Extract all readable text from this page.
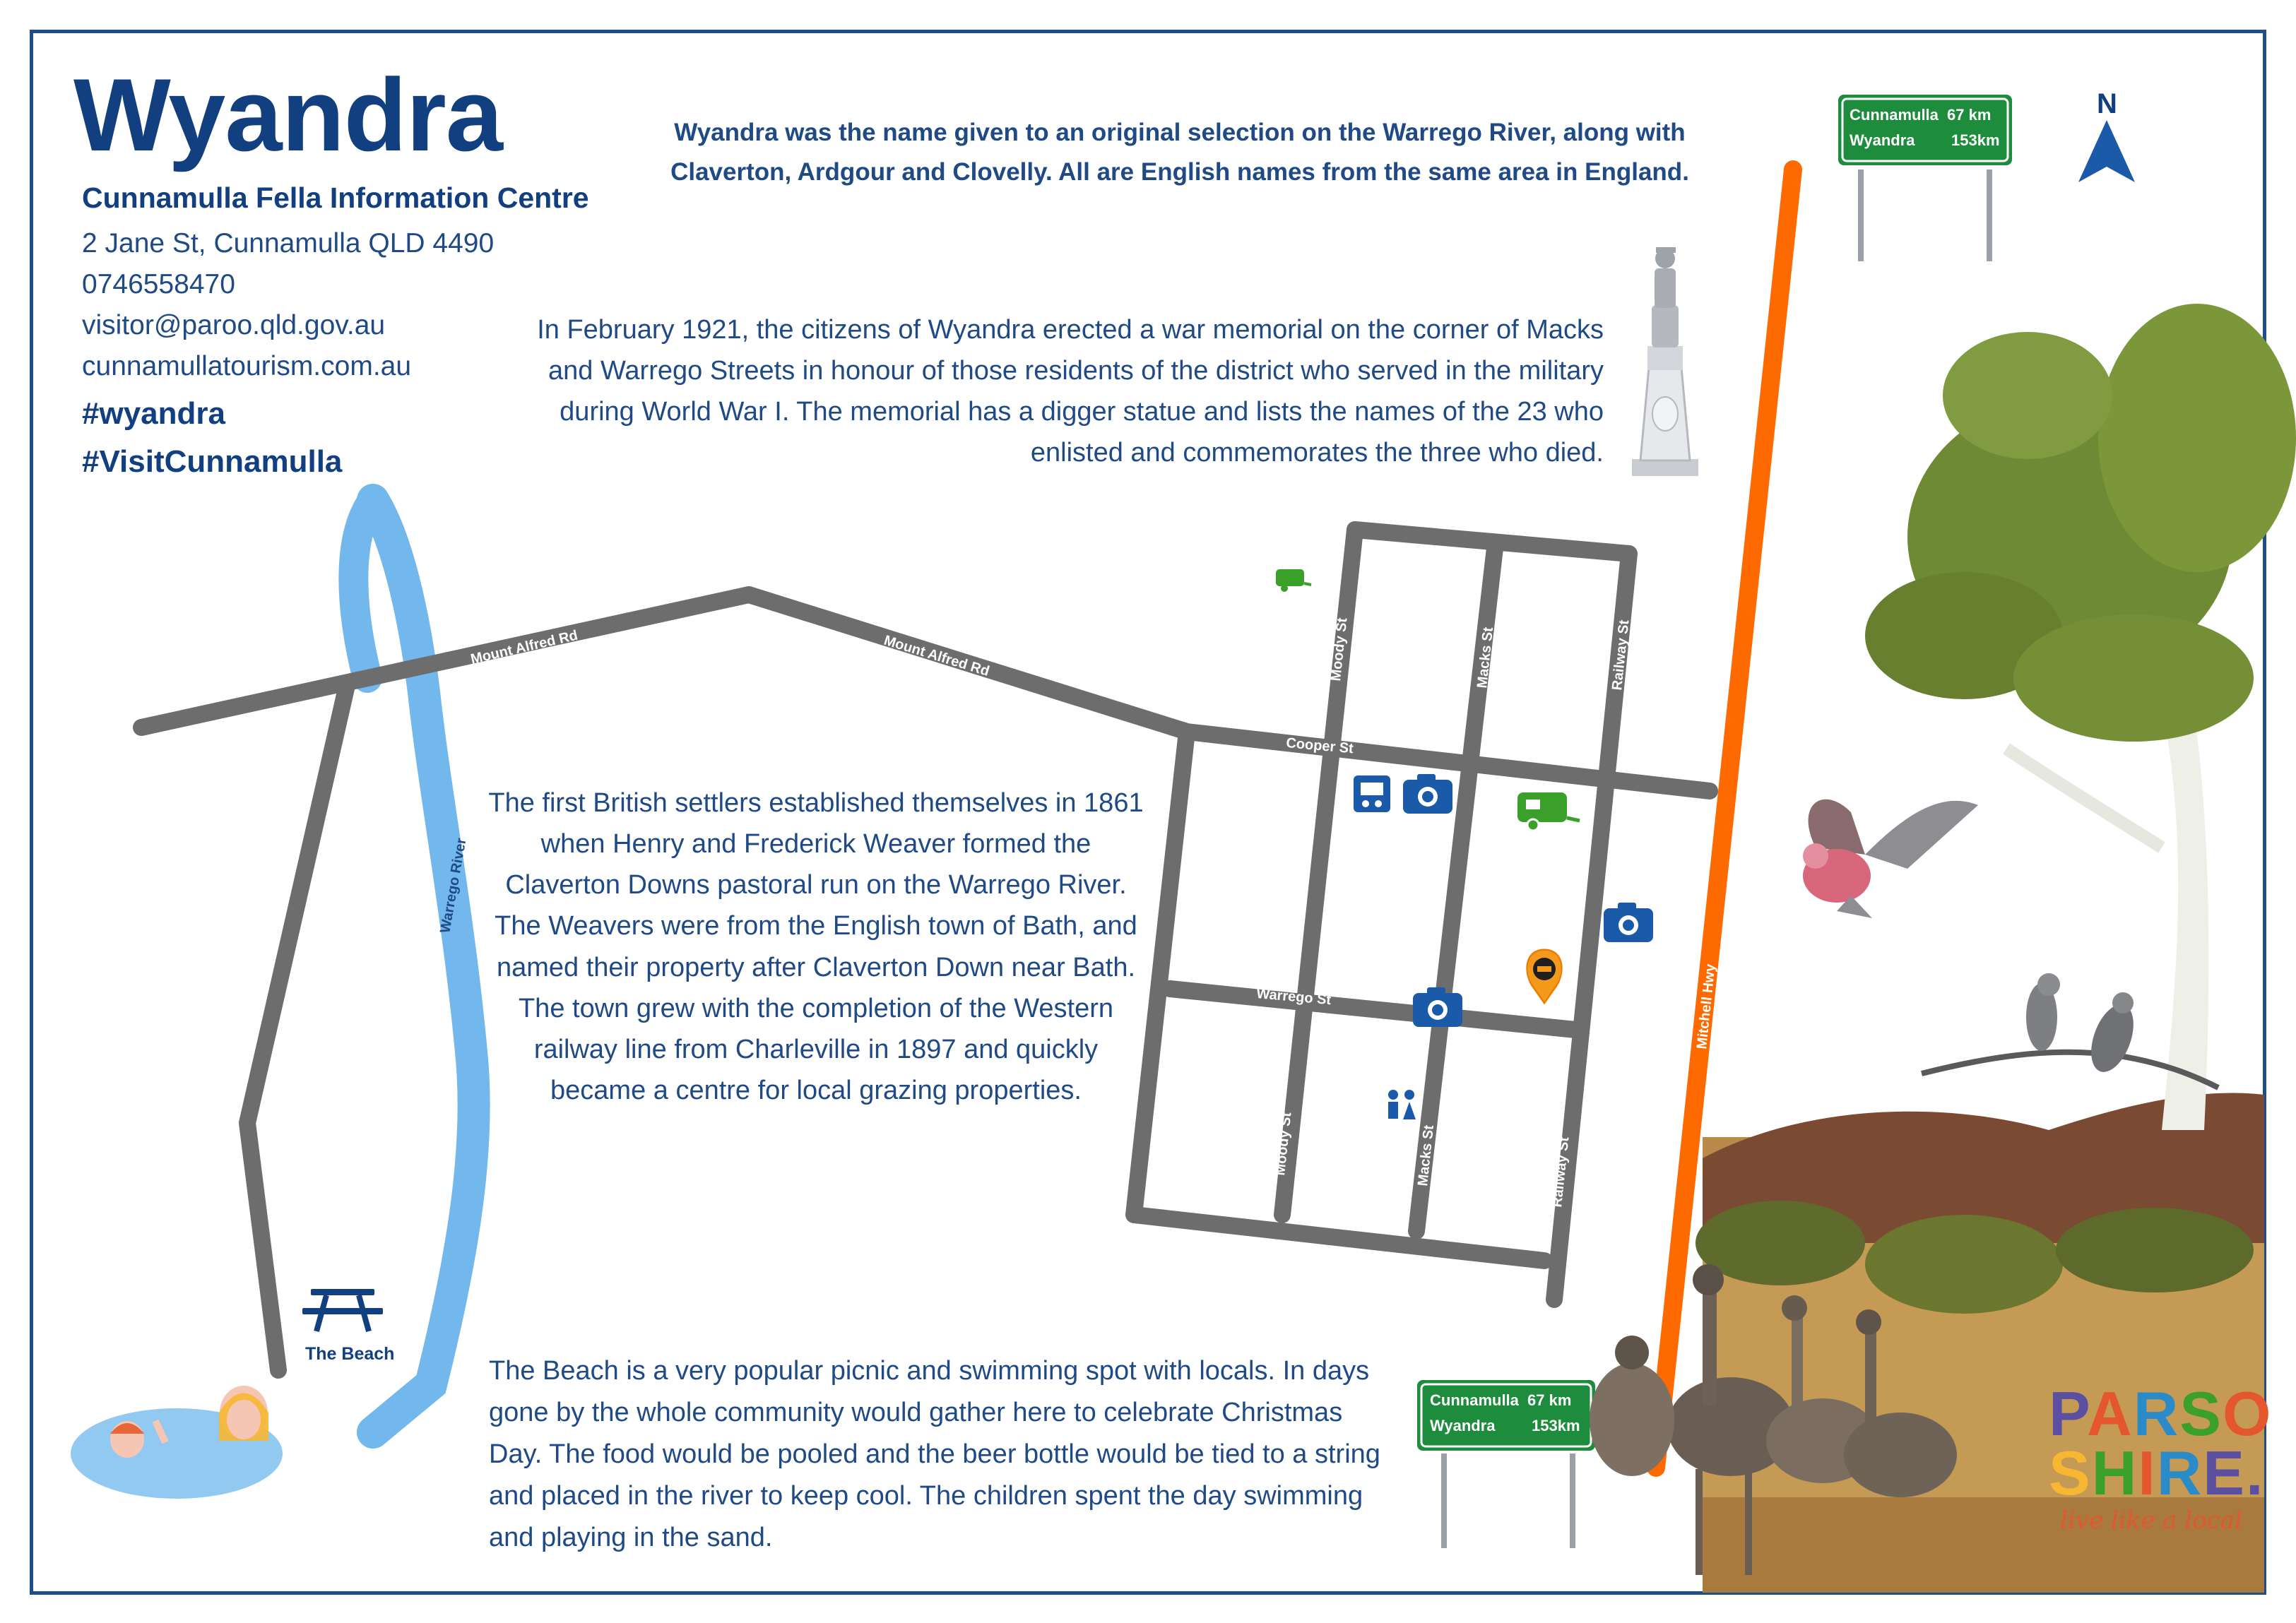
Mount Alfred Rd	Mount Alfred Rd
Cooper St
Warrego St
Moody St
Moody St
Macks St
Macks St
Railway St
Railway St
Mitchell Hwy
Warrego River
The Beach
N
Cunnamulla 67 km
Wyandra 153km
Cunnamulla 67 km
Wyandra 153km
Wyandra
Cunnamulla Fella Information Centre
2 Jane St, Cunnamulla QLD 4490
0746558470
visitor@paroo.qld.gov.au
cunnamullatourism.com.au
#wyandra
#VisitCunnamulla
Wyandra was the name given to an original selection on the Warrego River, along with Claverton, Ardgour and Clovelly. All are English names from the same area in England.
In February 1921, the citizens of Wyandra erected a war memorial on the corner of Macks and Warrego Streets in honour of those residents of the district who served in the military during World War I. The memorial has a digger statue and lists the names of the 23 who enlisted and commemorates the three who died.
The first British settlers established themselves in 1861 when Henry and Frederick Weaver formed the Claverton Downs pastoral run on the Warrego River. The Weavers were from the English town of Bath, and named their property after Claverton Down near Bath. The town grew with the completion of the Western railway line from Charleville in 1897 and quickly became a centre for local grazing properties.
The Beach is a very popular picnic and swimming spot with locals. In days gone by the whole community would gather here to celebrate Christmas Day. The food would be pooled and the beer bottle would be tied to a string and placed in the river to keep cool. The children spent the day swimming and playing in the sand.
PARSO
SHIRE.
live like a local
